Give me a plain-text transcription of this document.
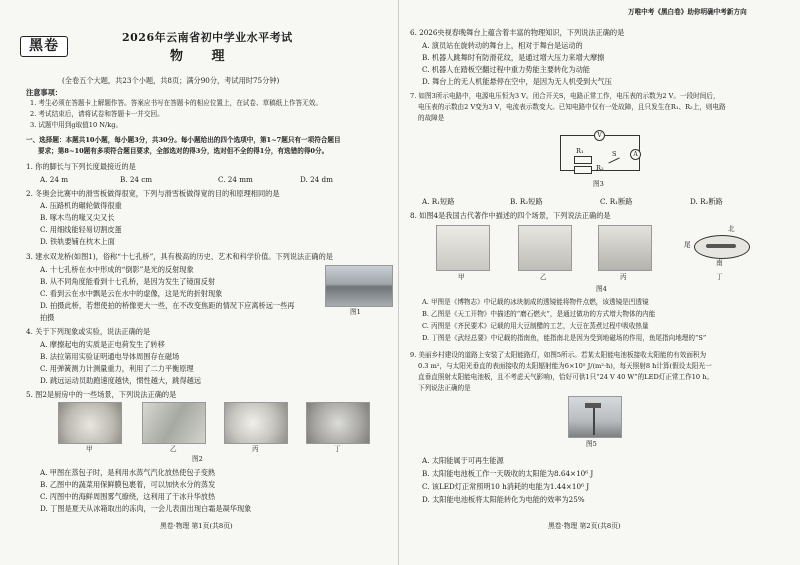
黑卷
2026年云南省初中学业水平考试
物 理
(全卷五个大题，共23个小题，共8页；满分90分，考试用时75分钟)
注意事项：
1. 考生必须在答题卡上解题作答。答案应书写在答题卡的相应位置上，在试卷、草稿纸上作答无效。
2. 考试结束后，请将试卷和答题卡一并交回。
3. 试题中用到g取值10 N/kg。
一、选择题：本题共10小题，每小题3分，共30分。每小题给出的四个选项中，第1~7题只有一项符合题目
要求；第8~10题有多项符合题目要求，全部选对的得3分，选对但不全的得1分，有选错的得0分。
1. 你的脚长与下列长度最接近的是
A. 24 m	B. 24 cm	C. 24 mm	D. 24 dm
2. 冬奥会比赛中的滑雪板做得很宽，下列与滑雪板做得宽的目的和原理相同的是
A. 压路机的碾轮做得很重
B. 啄木鸟的喙又尖又长
C. 用细线能轻易切割皮蛋
D. 铁轨要铺在枕木上面
3. 建水双龙桥(如图1)，俗称“十七孔桥”，具有极高的历史、艺术和科学价值。下列说法正确的是
A. 十七孔桥在水中形成的“倒影”是光的反射现象
B. 从不同角度能看到十七孔桥，是因为发生了镜面反射
C. 看到云在水中飘是云在水中的虚像，这是光的折射现象
D. 拍摄此桥，若想使拍的桥像更大一些，在不改变焦距的情况下应离桥远一些再
拍摄
图1
4. 关于下列现象或实验，说法正确的是
A. 摩擦起电的实质是正电荷发生了转移
B. 法拉第用实验证明通电导体周围存在磁场
C. 用弹簧测力计测量重力，利用了二力平衡原理
D. 跳远运动员助跑速度越快，惯性越大，跳得越远
5. 图2是厨房中的一些场景，下列说法正确的是
甲	乙	丙	丁
图2
A. 甲图在蒸包子时，是利用水蒸气汽化放热使包子变熟
B. 乙图中的蔬菜用保鲜膜包裹着，可以加快水分的蒸发
C. 丙图中的海鲜周围雾气缭绕，这利用了干冰升华放热
D. 丁图是夏天从冰箱取出的冻肉，一会儿表面出现白霜是凝华现象
黑卷·物理 第1页(共8页)
万唯中考《黑白卷》助你明确中考新方向
6. 2026央视春晚舞台上蕴含着丰富的物理知识，下列说法正确的是
A. 演员站在旋转动的舞台上，相对于舞台是运动的
B. 机器人跳舞时有防滑花纹，是通过增大压力来增大摩擦
C. 机器人在踏板空翻过程中重力势能主要转化为动能
D. 舞台上的无人机能悬停在空中，是因为无人机受到大气压
7. 如图3所示电路中，电源电压恒为3 V。闭合开关S，电路正常工作，电压表的示数为2 V。一段时间后，
电压表的示数由2 V变为3 V，电流表示数变大。已知电路中仅有一处故障，且只发生在R₁、R₂上，则电路
的故障是
R₁
R₂
V
A
S
图3
A. R₁短路	B. R₂短路	C. R₁断路	D. R₂断路
8. 如图4是我国古代著作中描述的四个场景，下列说法正确的是
北
尾
南
甲	乙	丙	丁
图4
A. 甲图是《博物志》中记载的冰块制成的透镜能将物件点燃，该透镜是凹透镜
B. 乙图是《天工开物》中描述的“磨石燃火”，是通过做功的方式增大物体的内能
C. 丙图是《齐民要术》记载的用大豆制醋的工艺，大豆在蒸煮过程中吸收热量
D. 丁图是《武经总要》中记载的指南鱼，能指南北是因为受到地磁场的作用，鱼尾指向地理的“S”
9. 美丽乡村建设的道路上安装了太阳能路灯，如图5所示。若某太阳能电池板接收太阳能的有效面积为
0.3 m²，与太阳光垂直的表面接收的太阳辐射能为6×10⁵ J/(m²·h)，每天照射8 h计算(假设太阳光一
直垂直照射太阳能电池板，且不考虑天气影响)，恰好可供1只“24 V 40 W”的LED灯正常工作10 h。
下列说法正确的是
图5
A. 太阳能属于可再生能源
B. 太阳能电池板工作一天吸收的太阳能为8.64×10⁶ J
C. 该LED灯正常照明10 h消耗的电能为1.44×10⁶ J
D. 太阳能电池板将太阳能转化为电能的效率为25%
黑卷·物理 第2页(共8页)
